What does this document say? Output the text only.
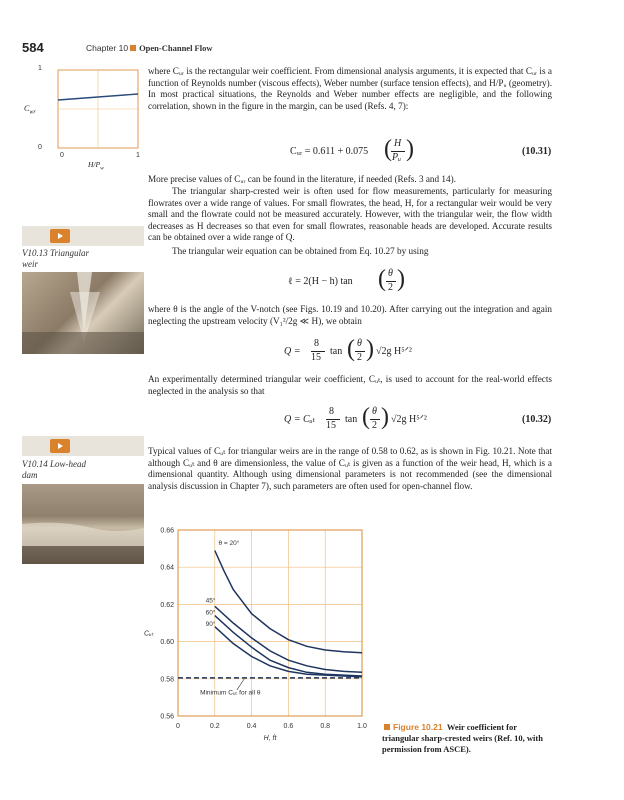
584	Chapter 10 Open-Channel Flow
1
0
0	1
$C_{wr}$
$H/P_w$
V10.13 Triangular
weir
V10.14 Low-head
dam
where Cᵤᵣ is the rectangular weir coefficient. From dimensional analysis arguments, it is expected that Cᵤᵣ is a function of Reynolds number (viscous effects), Weber number (surface tension effects), and H/Pᵤ (geometry). In most practical situations, the Reynolds and Weber number effects are negligible, and the following correlation, shown in the figure in the margin, can be used (Refs. 4, 7):
Cᵤᵣ = 0.611 + 0.075 ( H
Pᵤ )	(10.31)
More precise values of Cᵤᵣ can be found in the literature, if needed (Refs. 3 and 14).
The triangular sharp-crested weir is often used for flow measurements, particularly for measuring flowrates over a wide range of values. For small flowrates, the head, H, for a rectangular weir would be very small and the flowrate could not be measured accurately. However, with the triangular weir, the flow width decreases as H decreases so that even for small flowrates, reasonable heads are developed. Accurate results can be obtained over a wide range of Q.
The triangular weir equation can be obtained from Eq. 10.27 by using
ℓ = 2(H − h) tan ( θ
2 )
where θ is the angle of the V-notch (see Figs. 10.19 and 10.20). After carrying out the integration and again neglecting the upstream velocity (V₁²/2g ≪ H), we obtain
Q =
8
15
tan ( θ
2 ) √2g H⁵ᐟ²
An experimentally determined triangular weir coefficient, Cᵤₜ, is used to account for the real-world effects neglected in the analysis so that
Q = Cᵤₜ
8
15
tan ( θ
2 ) √2g H⁵ᐟ²	(10.32)
Typical values of Cᵤₜ for triangular weirs are in the range of 0.58 to 0.62, as is shown in Fig. 10.21. Note that although Cᵤₜ and θ are dimensionless, the value of Cᵤₜ is given as a function of the weir head, H, which is a dimensional quantity. Although using dimensional parameters is not recommended (see the dimensional analysis discussion in Chapter 7), such parameters are often used for open-channel flow.
0	0.2	0.4	0.6	0.8	1.0
0.66
0.64
0.62
0.60
0.58
0.56
H, ft
Cᵤₜ
θ = 20°
45°
60°
90°
Minimum Cᵤₜ for all θ
Figure 10.21 Weir coefficient for triangular sharp-crested weirs (Ref. 10, with permission from ASCE).
